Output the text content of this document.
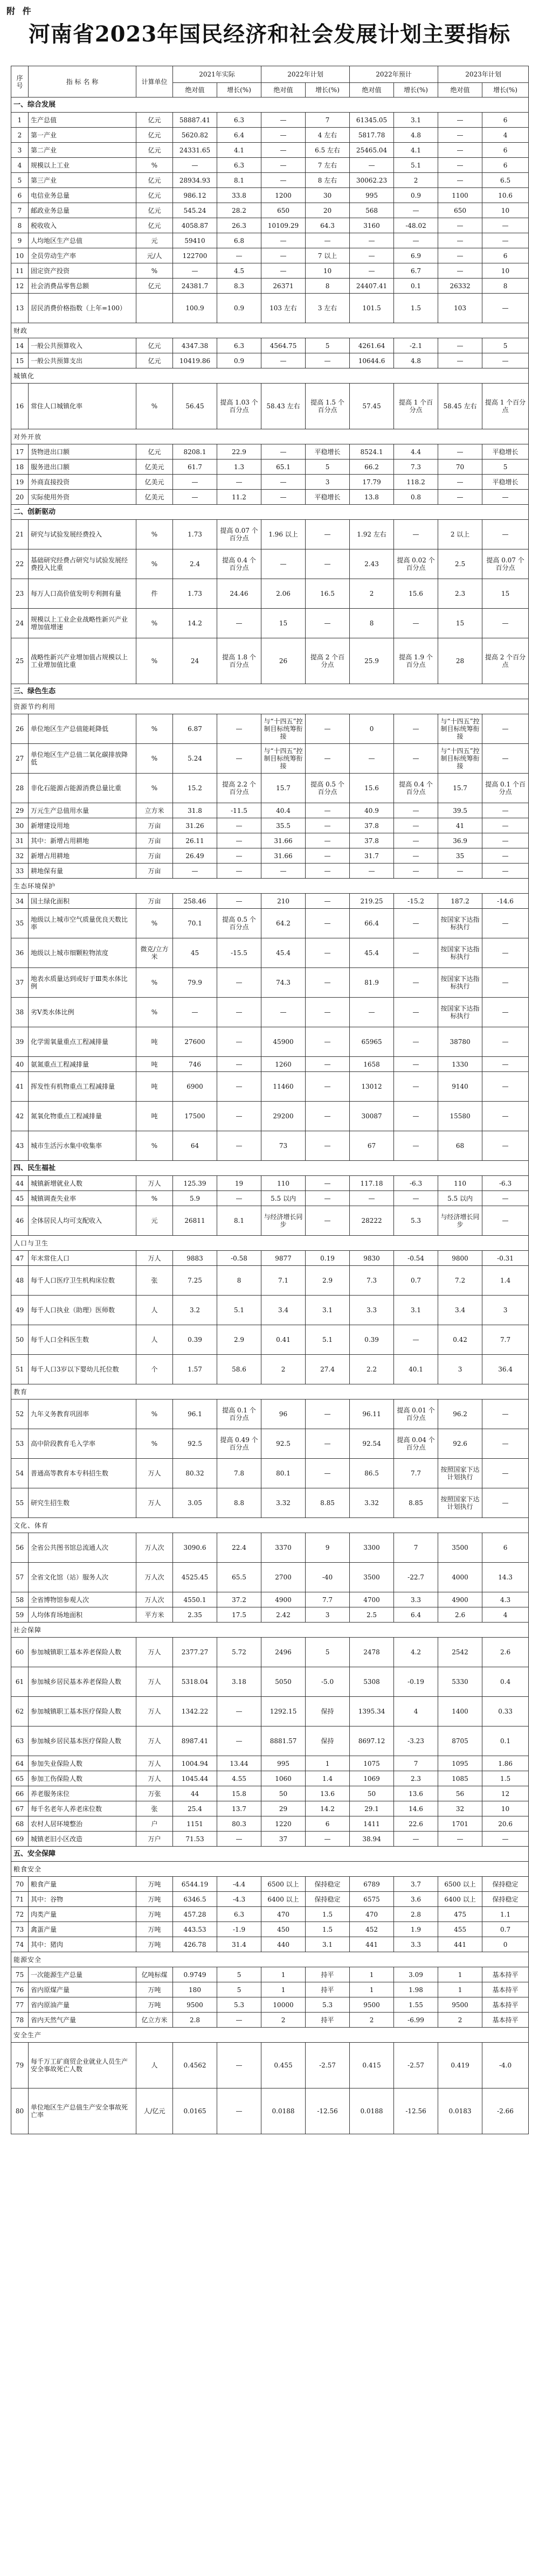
附 件
河南省2023年国民经济和社会发展计划主要指标
序号	指 标 名 称	计算单位	2021年实际		2022年计划		2022年预计		2023年计划	
			绝对值	增长(%)	绝对值	增长(%)	绝对值	增长(%)	绝对值	增长(%)
一、综合发展										
1	生产总值	亿元	58887.41	6.3	—	7	61345.05	3.1	—	6
2	第一产业	亿元	5620.82	6.4	—	4 左右	5817.78	4.8	—	4
3	第二产业	亿元	24331.65	4.1	—	6.5 左右	25465.04	4.1	—	6
4	规模以上工业	%	—	6.3	—	7 左右	—	5.1	—	6
5	第三产业	亿元	28934.93	8.1	—	8 左右	30062.23	2	—	6.5
6	电信业务总量	亿元	986.12	33.8	1200	30	995	0.9	1100	10.6
7	邮政业务总量	亿元	545.24	28.2	650	20	568	—	650	10
8	税收收入	亿元	4058.87	26.3	10109.29	64.3	3160	-48.02	—	—
9	人均地区生产总值	元	59410	6.8	—	—	—	—	—	—
10	全员劳动生产率	元/人	122700	—	—	7 以上	—	6.9	—	6
11	固定资产投资	%	—	4.5	—	10	—	6.7	—	10
12	社会消费品零售总额	亿元	24381.7	8.3	26371	8	24407.41	0.1	26332	8
13	居民消费价格指数（上年=100）		100.9	0.9	103 左右	3 左右	101.5	1.5	103	—
财政										
14	一般公共预算收入	亿元	4347.38	6.3	4564.75	5	4261.64	-2.1	—	5
15	一般公共预算支出	亿元	10419.86	0.9	—	—	10644.6	4.8	—	—
城镇化										
16	常住人口城镇化率	%	56.45	提高 1.03 个百分点	58.43 左右	提高 1.5 个百分点	57.45	提高 1 个百分点	58.45 左右	提高 1 个百分点
对外开放										
17	货物进出口额	亿元	8208.1	22.9	—	平稳增长	8524.1	4.4	—	平稳增长
18	服务进出口额	亿美元	61.7	1.3	65.1	5	66.2	7.3	70	5
19	外商直接投资	亿美元	—	—	—	3	17.79	118.2	—	平稳增长
20	实际使用外资	亿美元	—	11.2	—	平稳增长	13.8	0.8	—	—
二、创新驱动										
21	研究与试验发展经费投入	%	1.73	提高 0.07 个百分点	1.96 以上	—	1.92 左右	—	2 以上	—
22	基础研究经费占研究与试验发展经费投入比重	%	2.4	提高 0.4 个百分点	—	—	2.43	提高 0.02 个百分点	2.5	提高 0.07 个百分点
23	每万人口高价值发明专利拥有量	件	1.73	24.46	2.06	16.5	2	15.6	2.3	15
24	规模以上工业企业战略性新兴产业增加值增速	%	14.2	—	15	—	8	—	15	—
25	战略性新兴产业增加值占规模以上工业增加值比重	%	24	提高 1.8 个百分点	26	提高 2 个百分点	25.9	提高 1.9 个百分点	28	提高 2 个百分点
三、绿色生态										
资源节约利用										
26	单位地区生产总值能耗降低	%	6.87	—	与“十四五”控制目标统筹衔接	—	0	—	与“十四五”控制目标统筹衔接	—
27	单位地区生产总值二氧化碳排放降低	%	5.24	—	与“十四五”控制目标统筹衔接	—	—	—	与“十四五”控制目标统筹衔接	—
28	非化石能源占能源消费总量比重	%	15.2	提高 2.2 个百分点	15.7	提高 0.5 个百分点	15.6	提高 0.4 个百分点	15.7	提高 0.1 个百分点
29	万元生产总值用水量	立方米	31.8	-11.5	40.4	—	40.9	—	39.5	—
30	新增建设用地	万亩	31.26	—	35.5	—	37.8	—	41	—
31	其中：新增占用耕地	万亩	26.11	—	31.66	—	37.8	—	36.9	—
32	新增占用耕地	万亩	26.49	—	31.66	—	31.7	—	35	—
33	耕地保有量	万亩	—	—	—	—	—	—	—	—
生态环境保护										
34	国土绿化面积	万亩	258.46	—	210	—	219.25	-15.2	187.2	-14.6
35	地级以上城市空气质量优良天数比率	%	70.1	提高 0.5 个百分点	64.2	—	66.4	—	按国家下达指标执行	—
36	地级以上城市细颗粒物浓度	微克/立方米	45	-15.5	45.4	—	45.4	—	按国家下达指标执行	—
37	地表水质量达到或好于Ⅲ类水体比例	%	79.9	—	74.3	—	81.9	—	按国家下达指标执行	—
38	劣Ⅴ类水体比例	%	—	—	—	—	—	—	按国家下达指标执行	—
39	化学需氧量重点工程减排量	吨	27600	—	45900	—	65965	—	38780	—
40	氨氮重点工程减排量	吨	746	—	1260	—	1658	—	1330	—
41	挥发性有机物重点工程减排量	吨	6900	—	11460	—	13012	—	9140	—
42	氮氧化物重点工程减排量	吨	17500	—	29200	—	30087	—	15580	—
43	城市生活污水集中收集率	%	64	—	73	—	67	—	68	—
四、民生福祉										
44	城镇新增就业人数	万人	125.39	19	110	—	117.18	-6.3	110	-6.3
45	城镇调查失业率	%	5.9	—	5.5 以内	—	—	—	5.5 以内	—
46	全体居民人均可支配收入	元	26811	8.1	与经济增长同步	—	28222	5.3	与经济增长同步	—
人口与卫生										
47	年末常住人口	万人	9883	-0.58	9877	0.19	9830	-0.54	9800	-0.31
48	每千人口医疗卫生机构床位数	张	7.25	8	7.1	2.9	7.3	0.7	7.2	1.4
49	每千人口执业（助理）医师数	人	3.2	5.1	3.4	3.1	3.3	3.1	3.4	3
50	每千人口全科医生数	人	0.39	2.9	0.41	5.1	0.39	—	0.42	7.7
51	每千人口3岁以下婴幼儿托位数	个	1.57	58.6	2	27.4	2.2	40.1	3	36.4
教育										
52	九年义务教育巩固率	%	96.1	提高 0.1 个百分点	96	—	96.11	提高 0.01 个百分点	96.2	—
53	高中阶段教育毛入学率	%	92.5	提高 0.49 个百分点	92.5	—	92.54	提高 0.04 个百分点	92.6	—
54	普通高等教育本专科招生数	万人	80.32	7.8	80.1	—	86.5	7.7	按照国家下达计划执行	—
55	研究生招生数	万人	3.05	8.8	3.32	8.85	3.32	8.85	按照国家下达计划执行	—
文化、体育										
56	全省公共图书馆总流通人次	万人次	3090.6	22.4	3370	9	3300	7	3500	6
57	全省文化馆（站）服务人次	万人次	4525.45	65.5	2700	-40	3500	-22.7	4000	14.3
58	全省博物馆参观人次	万人次	4550.1	37.2	4900	7.7	4700	3.3	4900	4.3
59	人均体育场地面积	平方米	2.35	17.5	2.42	3	2.5	6.4	2.6	4
社会保障										
60	参加城镇职工基本养老保险人数	万人	2377.27	5.72	2496	5	2478	4.2	2542	2.6
61	参加城乡居民基本养老保险人数	万人	5318.04	3.18	5050	-5.0	5308	-0.19	5330	0.4
62	参加城镇职工基本医疗保险人数	万人	1342.22	—	1292.15	保持	1395.34	4	1400	0.33
63	参加城乡居民基本医疗保险人数	万人	8987.41	—	8881.57	保持	8697.12	-3.23	8705	0.1
64	参加失业保险人数	万人	1004.94	13.44	995	1	1075	7	1095	1.86
65	参加工伤保险人数	万人	1045.44	4.55	1060	1.4	1069	2.3	1085	1.5
66	养老服务床位	万张	44	15.8	50	13.6	50	13.6	56	12
67	每千名老年人养老床位数	张	25.4	13.7	29	14.2	29.1	14.6	32	10
68	农村人居环境整治	户	1151	80.3	1220	6	1411	22.6	1701	20.6
69	城镇老旧小区改造	万户	71.53	—	37	—	38.94	—	—	—
五、安全保障										
粮食安全										
70	粮食产量	万吨	6544.19	-4.4	6500 以上	保持稳定	6789	3.7	6500 以上	保持稳定
71	其中：谷物	万吨	6346.5	-4.3	6400 以上	保持稳定	6575	3.6	6400 以上	保持稳定
72	肉类产量	万吨	457.28	6.3	470	1.5	470	2.8	475	1.1
73	禽蛋产量	万吨	443.53	-1.9	450	1.5	452	1.9	455	0.7
74	其中：猪肉	万吨	426.78	31.4	440	3.1	441	3.3	441	0
能源安全										
75	一次能源生产总量	亿吨标煤	0.9749	5	1	持平	1	3.09	1	基本持平
76	省内原煤产量	万吨	180	5	1	持平	1	1.98	1	基本持平
77	省内原油产量	万吨	9500	5.3	10000	5.3	9500	1.55	9500	基本持平
78	省内天然气产量	亿立方米	2.8	—	2	持平	2	-6.99	2	基本持平
安全生产										
79	每千万工矿商贸企业就业人员生产安全事故死亡人数	人	0.4562	—	0.455	-2.57	0.415	-2.57	0.419	-4.0
80	单位地区生产总值生产安全事故死亡率	人/亿元	0.0165	—	0.0188	-12.56	0.0188	-12.56	0.0183	-2.66
